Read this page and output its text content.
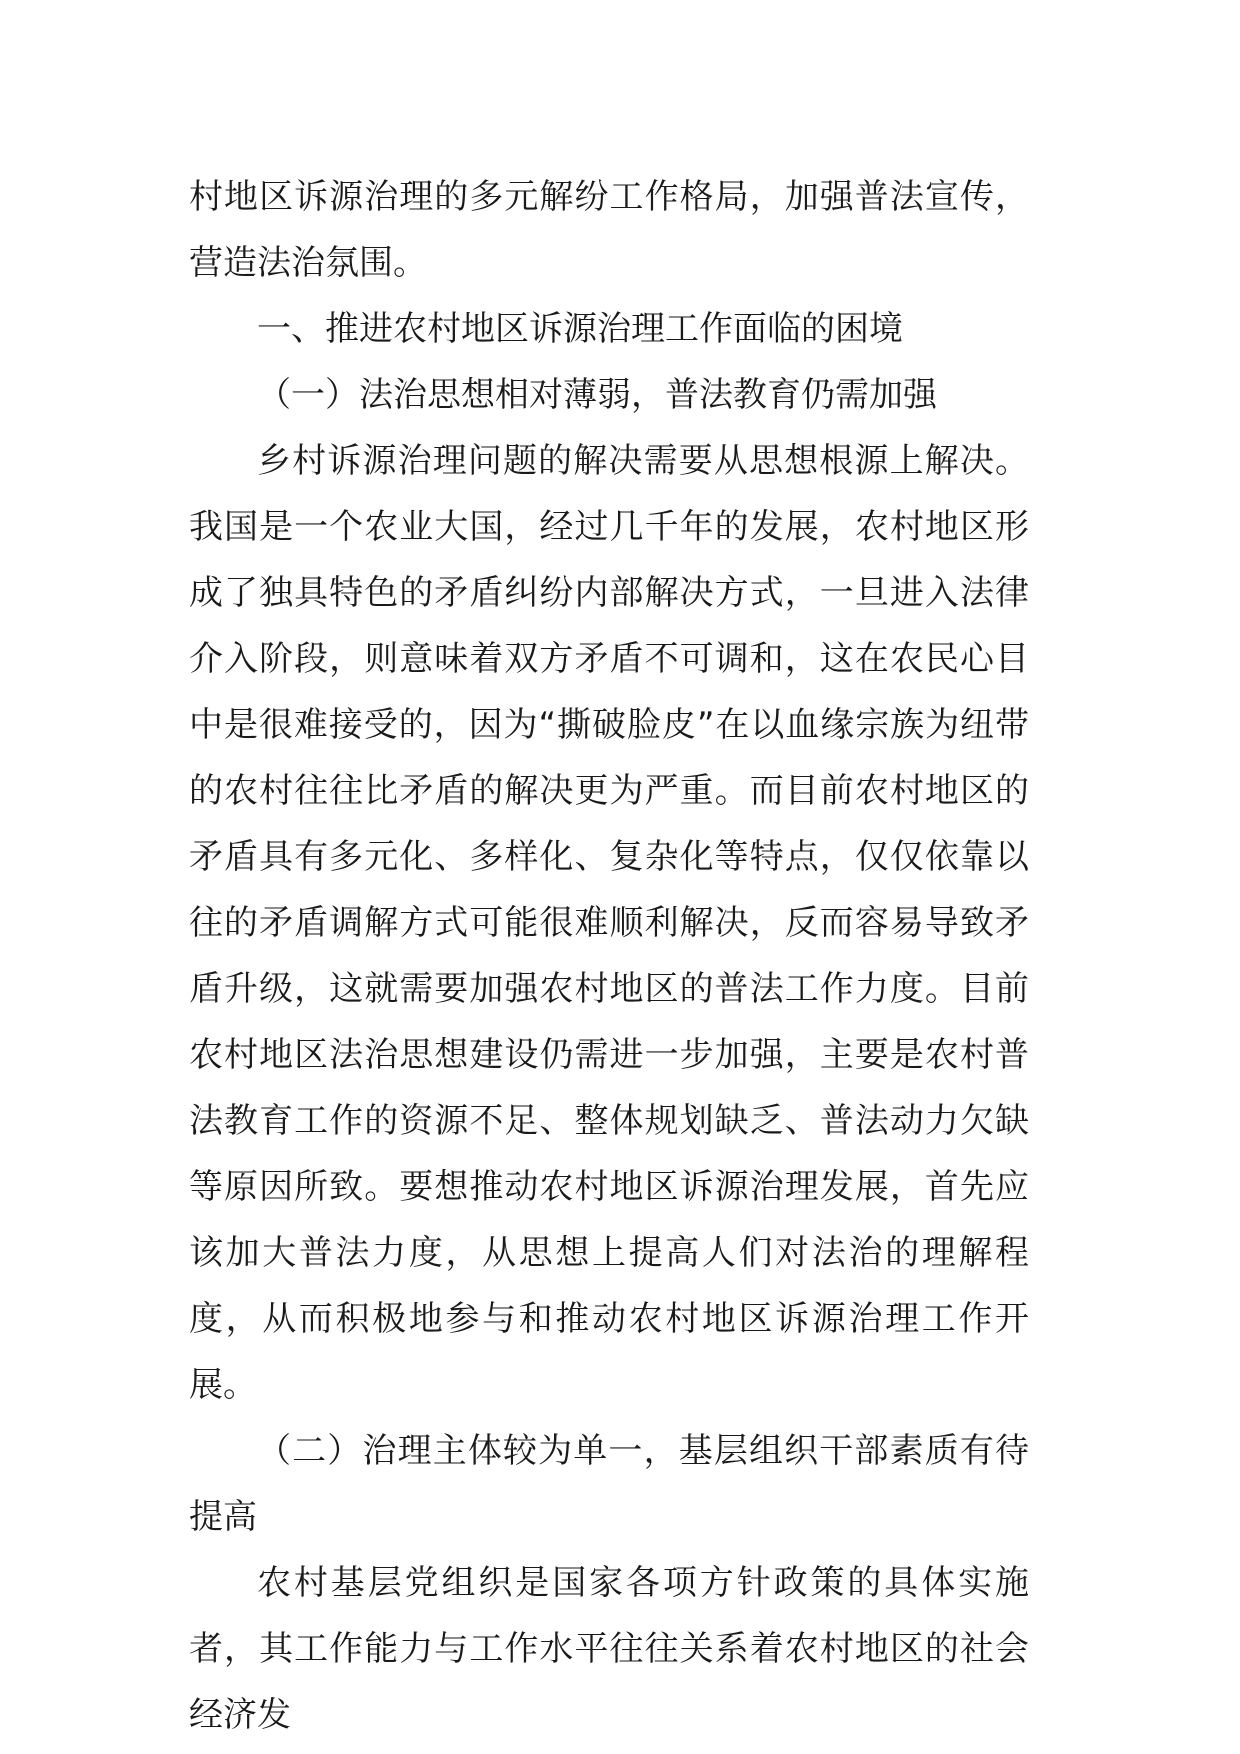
村地区诉源治理的多元解纷工作格局，加强普法宣传，营造法治氛围。

一、推进农村地区诉源治理工作面临的困境

（一）法治思想相对薄弱，普法教育仍需加强

乡村诉源治理问题的解决需要从思想根源上解决。我国是一个农业大国，经过几千年的发展，农村地区形成了独具特色的矛盾纠纷内部解决方式，一旦进入法律介入阶段，则意味着双方矛盾不可调和，这在农民心目中是很难接受的，因为“撕破脸皮”在以血缘宗族为纽带的农村往往比矛盾的解决更为严重。而目前农村地区的矛盾具有多元化、多样化、复杂化等特点，仅仅依靠以往的矛盾调解方式可能很难顺利解决，反而容易导致矛盾升级，这就需要加强农村地区的普法工作力度。目前农村地区法治思想建设仍需进一步加强，主要是农村普法教育工作的资源不足、整体规划缺乏、普法动力欠缺等原因所致。要想推动农村地区诉源治理发展，首先应该加大普法力度，从思想上提高人们对法治的理解程度，从而积极地参与和推动农村地区诉源治理工作开展。

（二）治理主体较为单一，基层组织干部素质有待提高

农村基层党组织是国家各项方针政策的具体实施者，其工作能力与工作水平往往关系着农村地区的社会经济发
